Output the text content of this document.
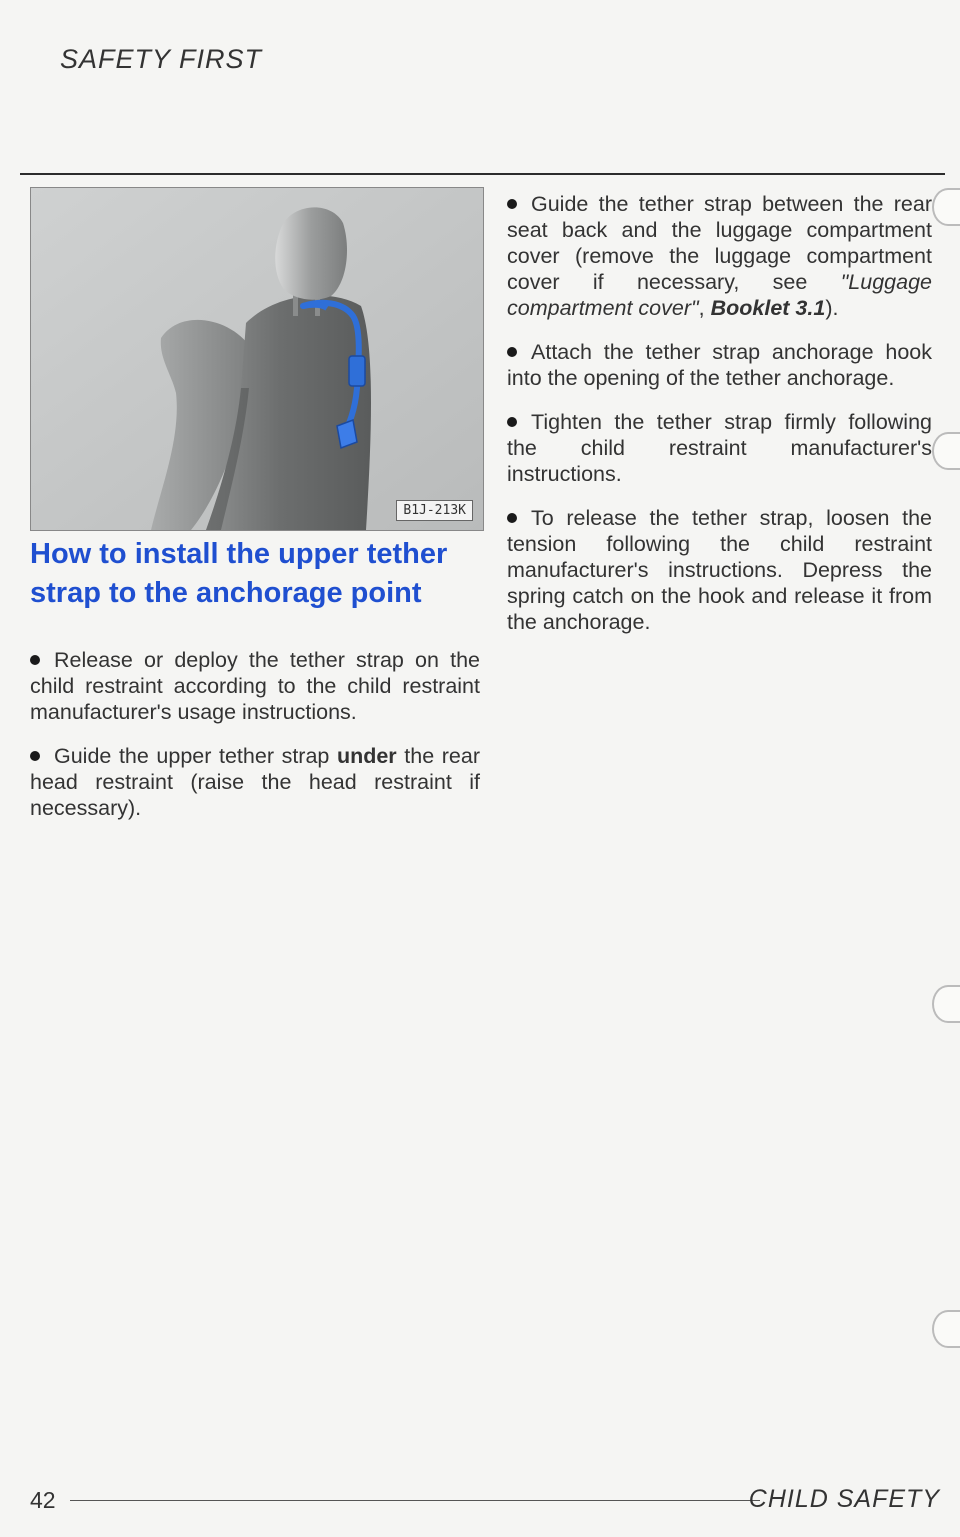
SAFETY FIRST
B1J-213K
How to install the upper tether strap to the anchorage point

Release or deploy the tether strap on the child restraint according to the child restraint manufacturer's usage instructions.

Guide the upper tether strap under the rear head restraint (raise the head restraint if necessary).

Guide the tether strap between the rear seat back and the luggage compartment cover (remove the luggage compartment cover if necessary, see "Luggage compartment cover", Booklet 3.1).

Attach the tether strap anchorage hook into the opening of the tether anchorage.

Tighten the tether strap firmly following the child restraint manufacturer's instructions.

To release the tether strap, loosen the tension following the child restraint manufacturer's instructions. Depress the spring catch on the hook and release it from the anchorage.

42	CHILD SAFETY
